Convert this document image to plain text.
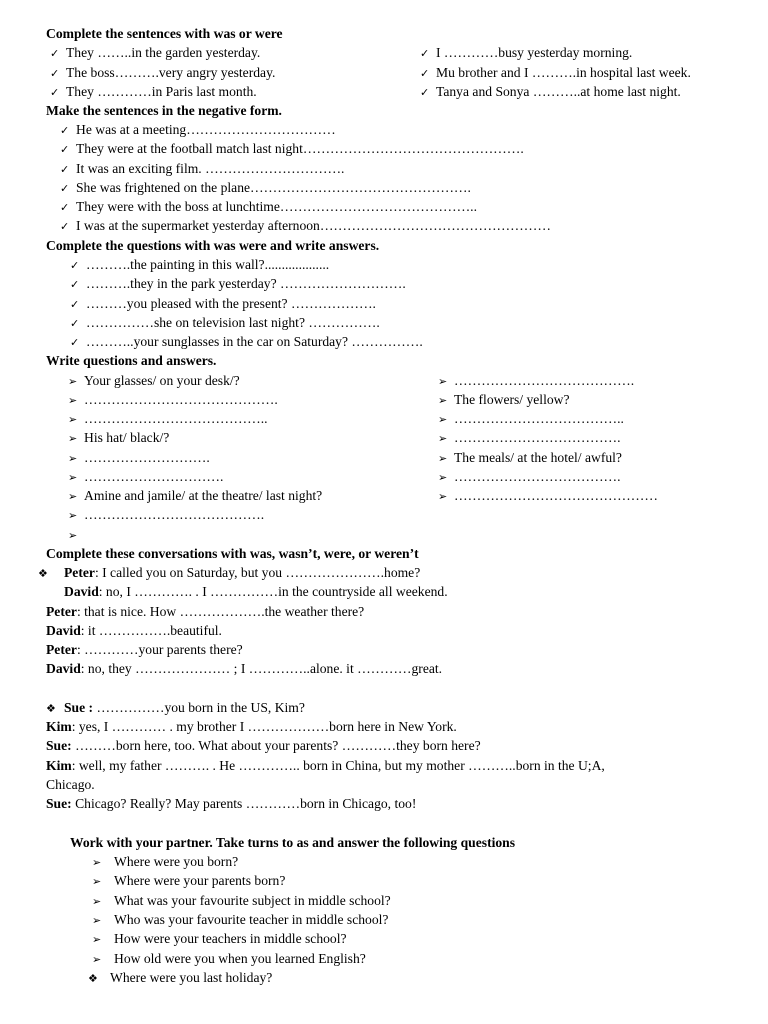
Complete the sentences with was or were
✓ They ……..in the garden yesterday.
✓ The boss……….very angry yesterday.
✓ They …………in Paris last month.
✓ I …………busy yesterday morning.
✓ Mu brother and I ……….in hospital last week.
✓ Tanya and Sonya ………..at home last night.
Make the sentences in the negative form.
✓ He was at a meeting……………………………
✓ They were at the football match last night………………………………………….
✓ It was an exciting film. ………………………….
✓ She was frightened on the plane………………………………………….
✓ They were with the boss at lunchtime……………………………………..
✓ I was at the supermarket yesterday afternoon……………………………………………
Complete the questions with was were and write answers.
✓ ……….the painting in this wall?...................
✓ ……….they in the park yesterday? ……………………….
✓ ………you pleased with the present? ……………….
✓ ……………she on television last night? …………….
✓ ………..your sunglasses in the car on Saturday? …………….
Write questions and answers.
➢ Your glasses/ on your desk/?
➢ …………………………………….
➢ …………………………………..
➢ His hat/ black/?
➢ ……………………….
➢ ………………………….
➢ Amine and jamile/ at the theatre/ last night?
➢ ………………………………….
➢
➢ ………………………………….
➢ The flowers/ yellow?
➢ ………………………………..
➢ ……………………………….
➢ The meals/ at the hotel/ awful?
➢ ……………………………….
➢ ………………………………………
Complete these conversations with was, wasn’t, were, or weren’t
❖ Peter: I called you on Saturday, but you ………………….home?
David: no, I …………. . I ……………in the countryside all weekend.
Peter: that is nice. How ……………….the weather there?
David: it …………….beautiful.
Peter: …………your parents there?
David: no, they ………………… ; I …………..alone. it …………great.
❖ Sue : ……………you born in the US, Kim?
Kim: yes, I ………… . my brother I ………………born here in New York.
Sue: ………born here, too. What about your parents? …………they born here?
Kim: well, my father ………. . He ………….. born in China, but my mother ………..born in the U;A,
Chicago.
Sue: Chicago? Really? May parents …………born in Chicago, too!
Work with your partner. Take turns to as and answer the following questions
➢ Where were you born?
➢ Where were your parents born?
➢ What was your favourite subject in middle school?
➢ Who was your favourite teacher in middle school?
➢ How were your teachers in middle school?
➢ How old were you when you learned English?
❖ Where were you last holiday?
